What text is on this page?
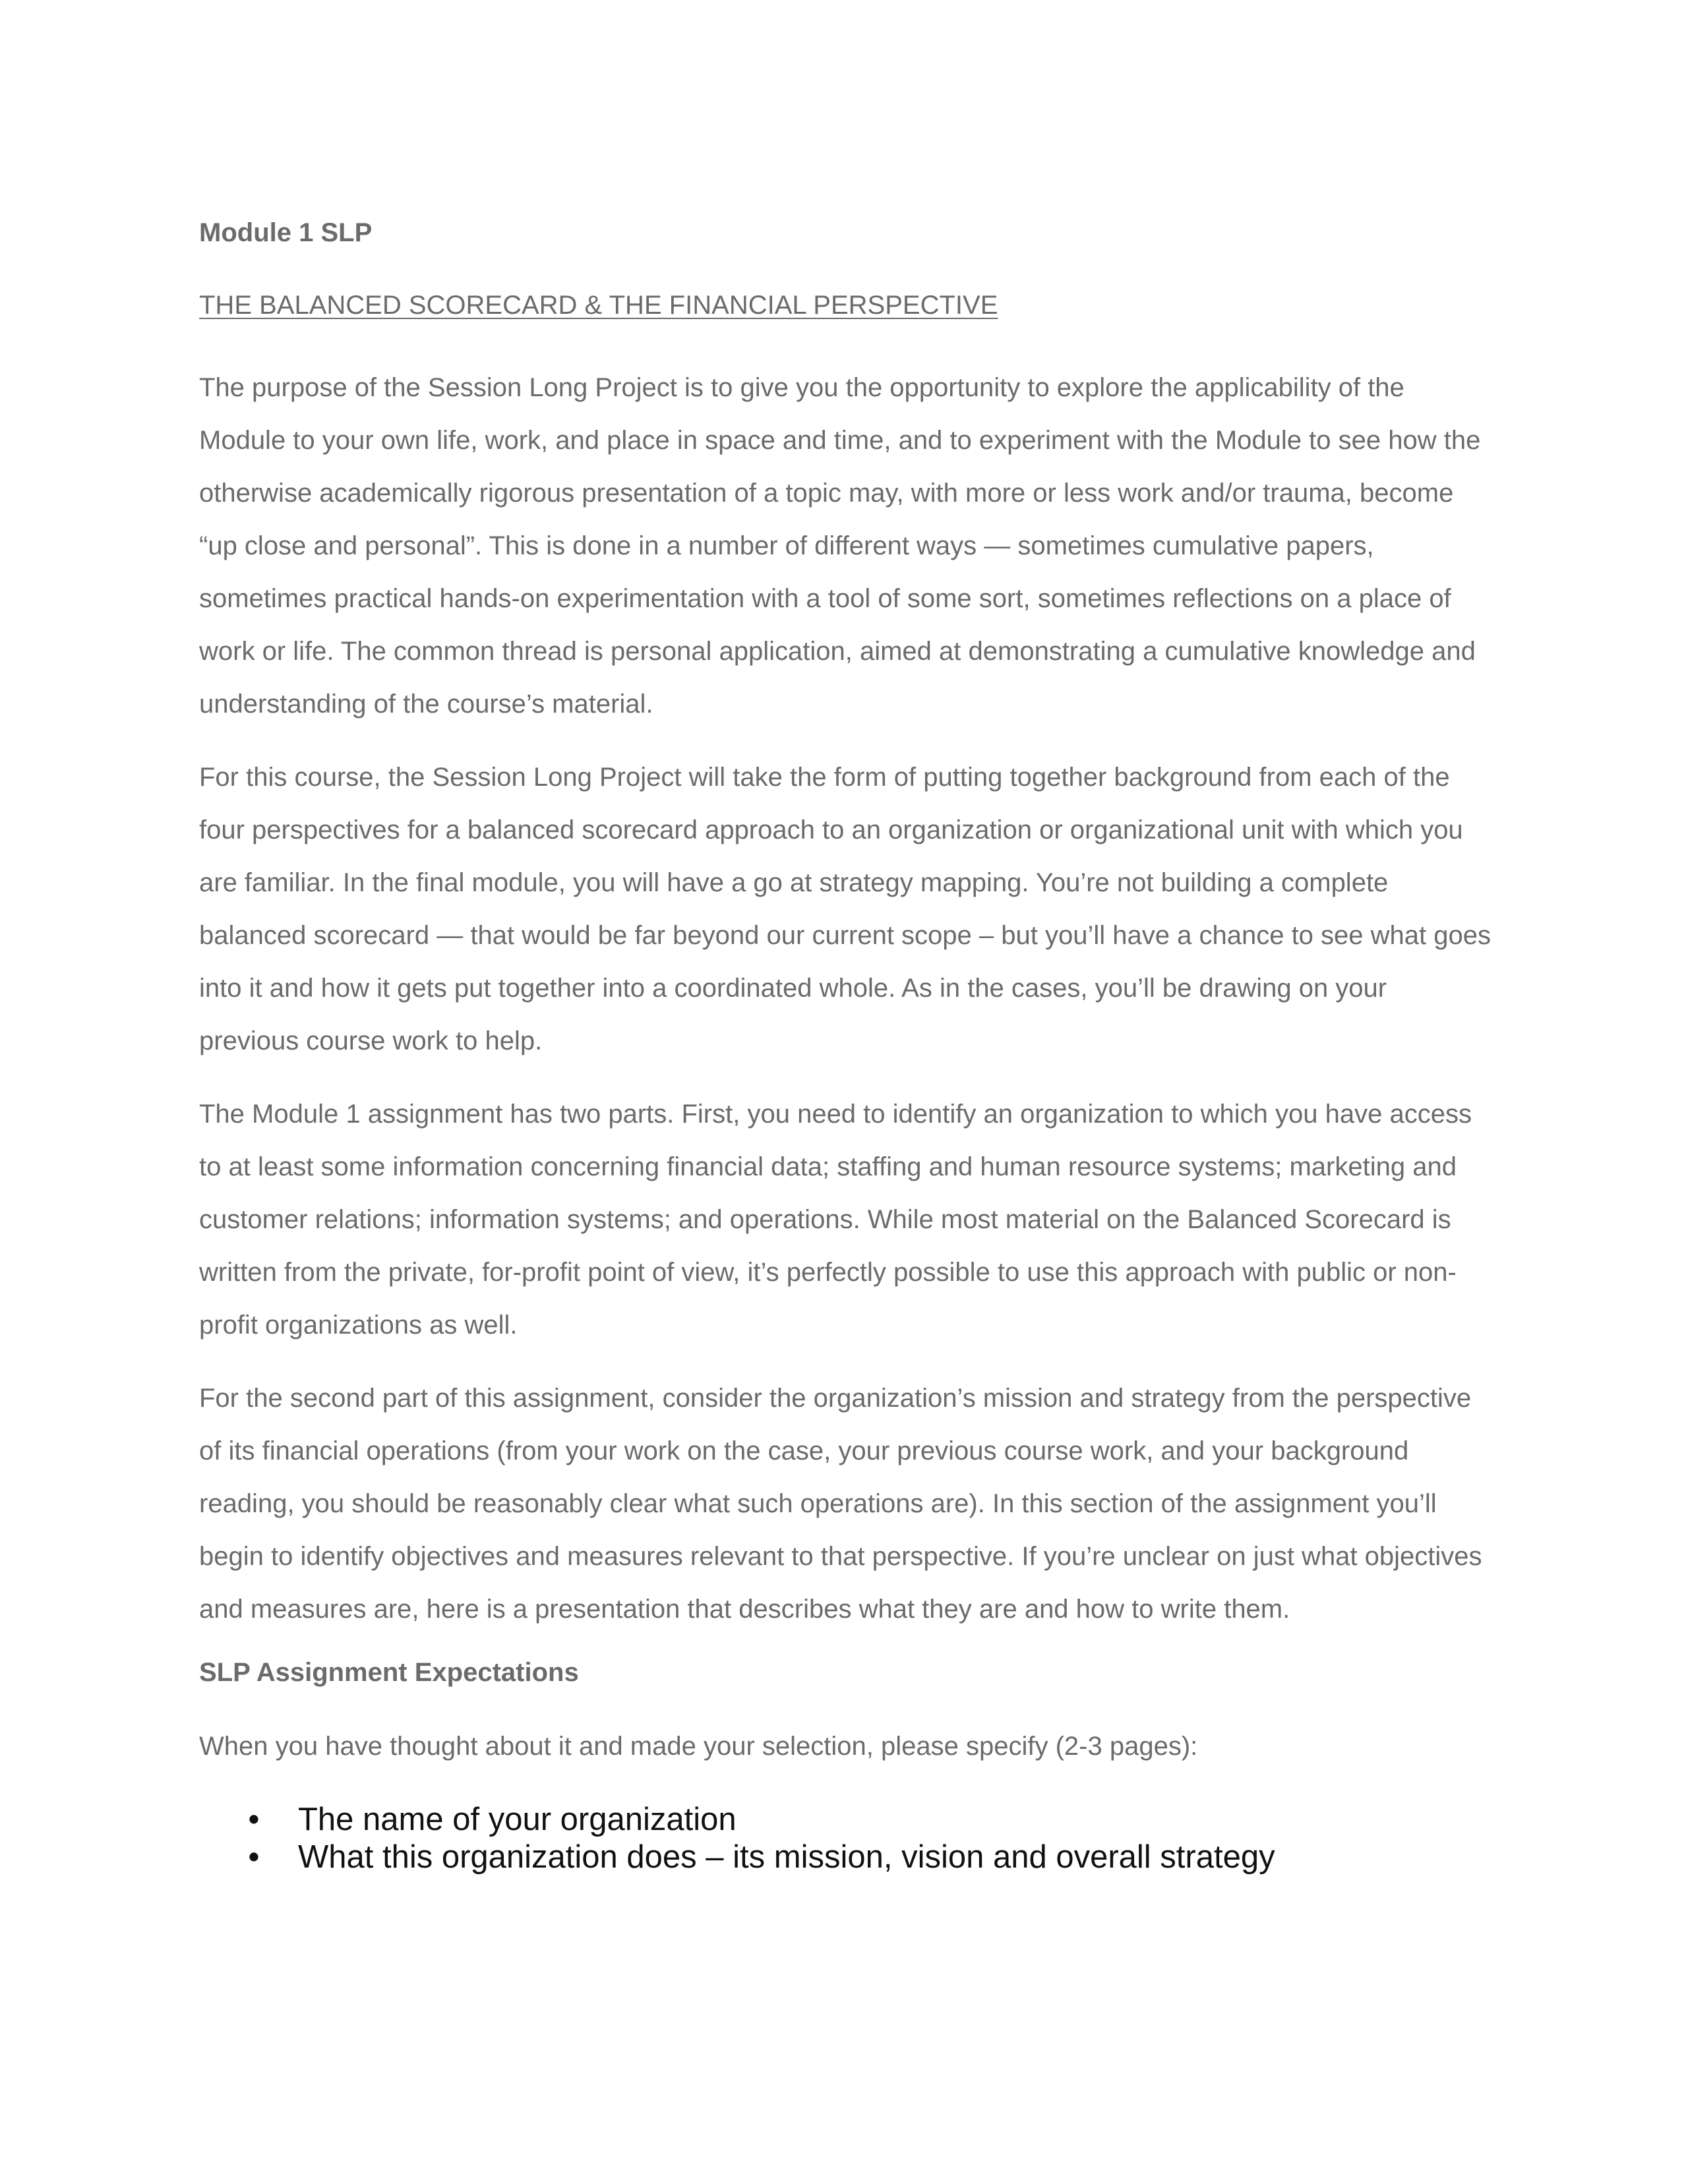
Module 1 SLP
THE BALANCED SCORECARD & THE FINANCIAL PERSPECTIVE

The purpose of the Session Long Project is to give you the opportunity to explore the applicability of the Module to your own life, work, and place in space and time, and to experiment with the Module to see how the otherwise academically rigorous presentation of a topic may, with more or less work and/or trauma, become “up close and personal”. This is done in a number of different ways — sometimes cumulative papers, sometimes practical hands-on experimentation with a tool of some sort, sometimes reflections on a place of work or life. The common thread is personal application, aimed at demonstrating a cumulative knowledge and understanding of the course’s material.

For this course, the Session Long Project will take the form of putting together background from each of the four perspectives for a balanced scorecard approach to an organization or organizational unit with which you are familiar. In the final module, you will have a go at strategy mapping. You’re not building a complete balanced scorecard — that would be far beyond our current scope – but you’ll have a chance to see what goes into it and how it gets put together into a coordinated whole. As in the cases, you’ll be drawing on your previous course work to help.

The Module 1 assignment has two parts. First, you need to identify an organization to which you have access to at least some information concerning financial data; staffing and human resource systems; marketing and customer relations; information systems; and operations. While most material on the Balanced Scorecard is written from the private, for-profit point of view, it’s perfectly possible to use this approach with public or non-profit organizations as well.

For the second part of this assignment, consider the organization’s mission and strategy from the perspective of its financial operations (from your work on the case, your previous course work, and your background reading, you should be reasonably clear what such operations are). In this section of the assignment you’ll begin to identify objectives and measures relevant to that perspective. If you’re unclear on just what objectives and measures are, here is a presentation that describes what they are and how to write them.

SLP Assignment Expectations
When you have thought about it and made your selection, please specify (2-3 pages):
• The name of your organization
• What this organization does – its mission, vision and overall strategy
